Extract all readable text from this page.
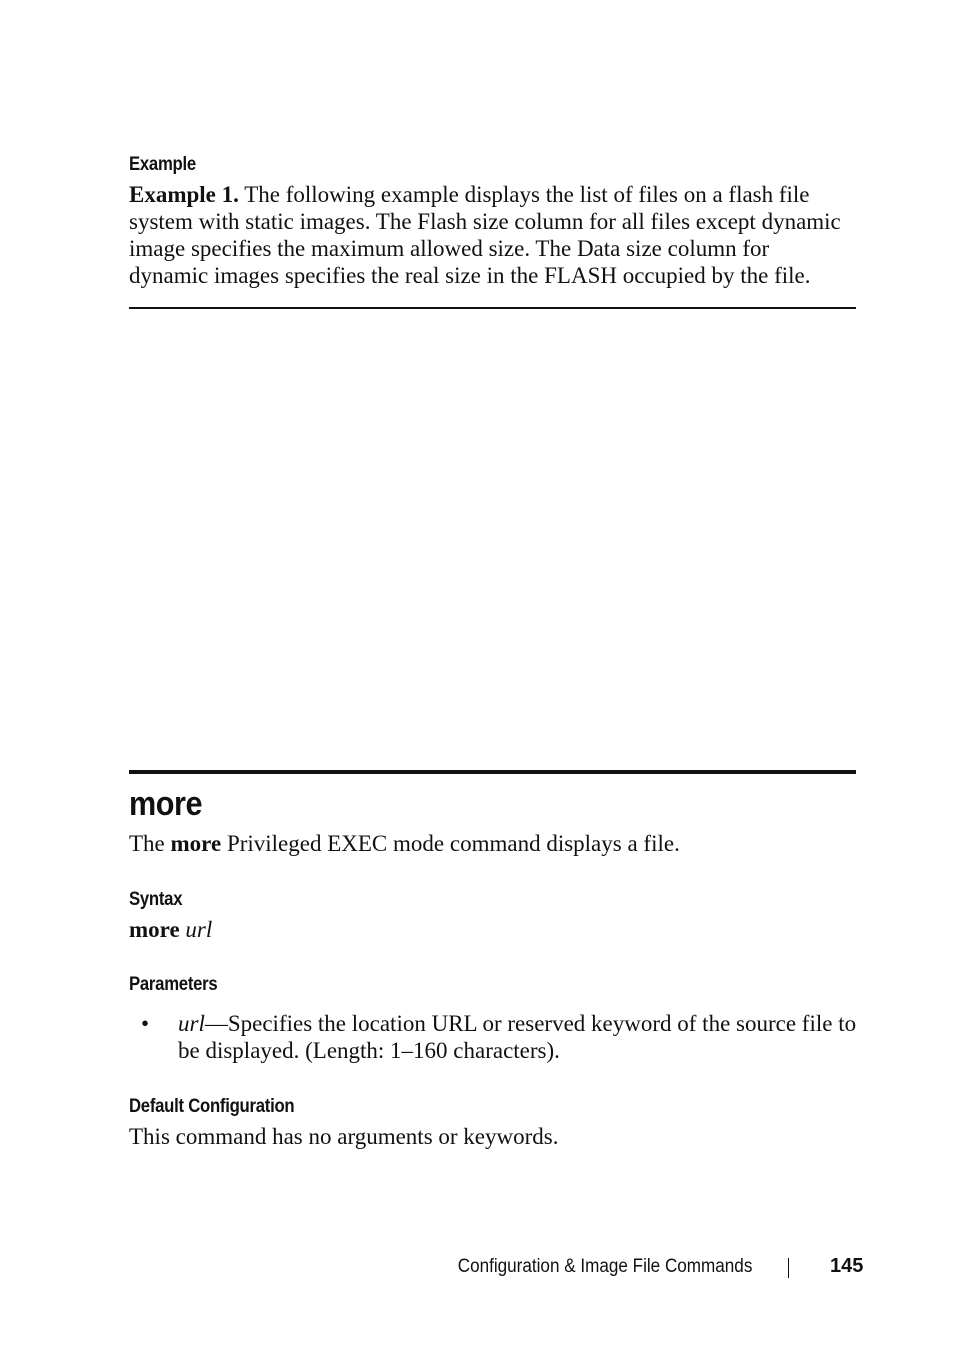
Example
Example 1. The following example displays the list of files on a flash file
system with static images. The Flash size column for all files except dynamic
image specifies the maximum allowed size. The Data size column for
dynamic images specifies the real size in the FLASH occupied by the file.
more
The more Privileged EXEC mode command displays a file.
Syntax
more url
Parameters
• url—Specifies the location URL or reserved keyword of the source file to
be displayed. (Length: 1–160 characters).
Default Configuration
This command has no arguments or keywords.
Configuration & Image File Commands	145
